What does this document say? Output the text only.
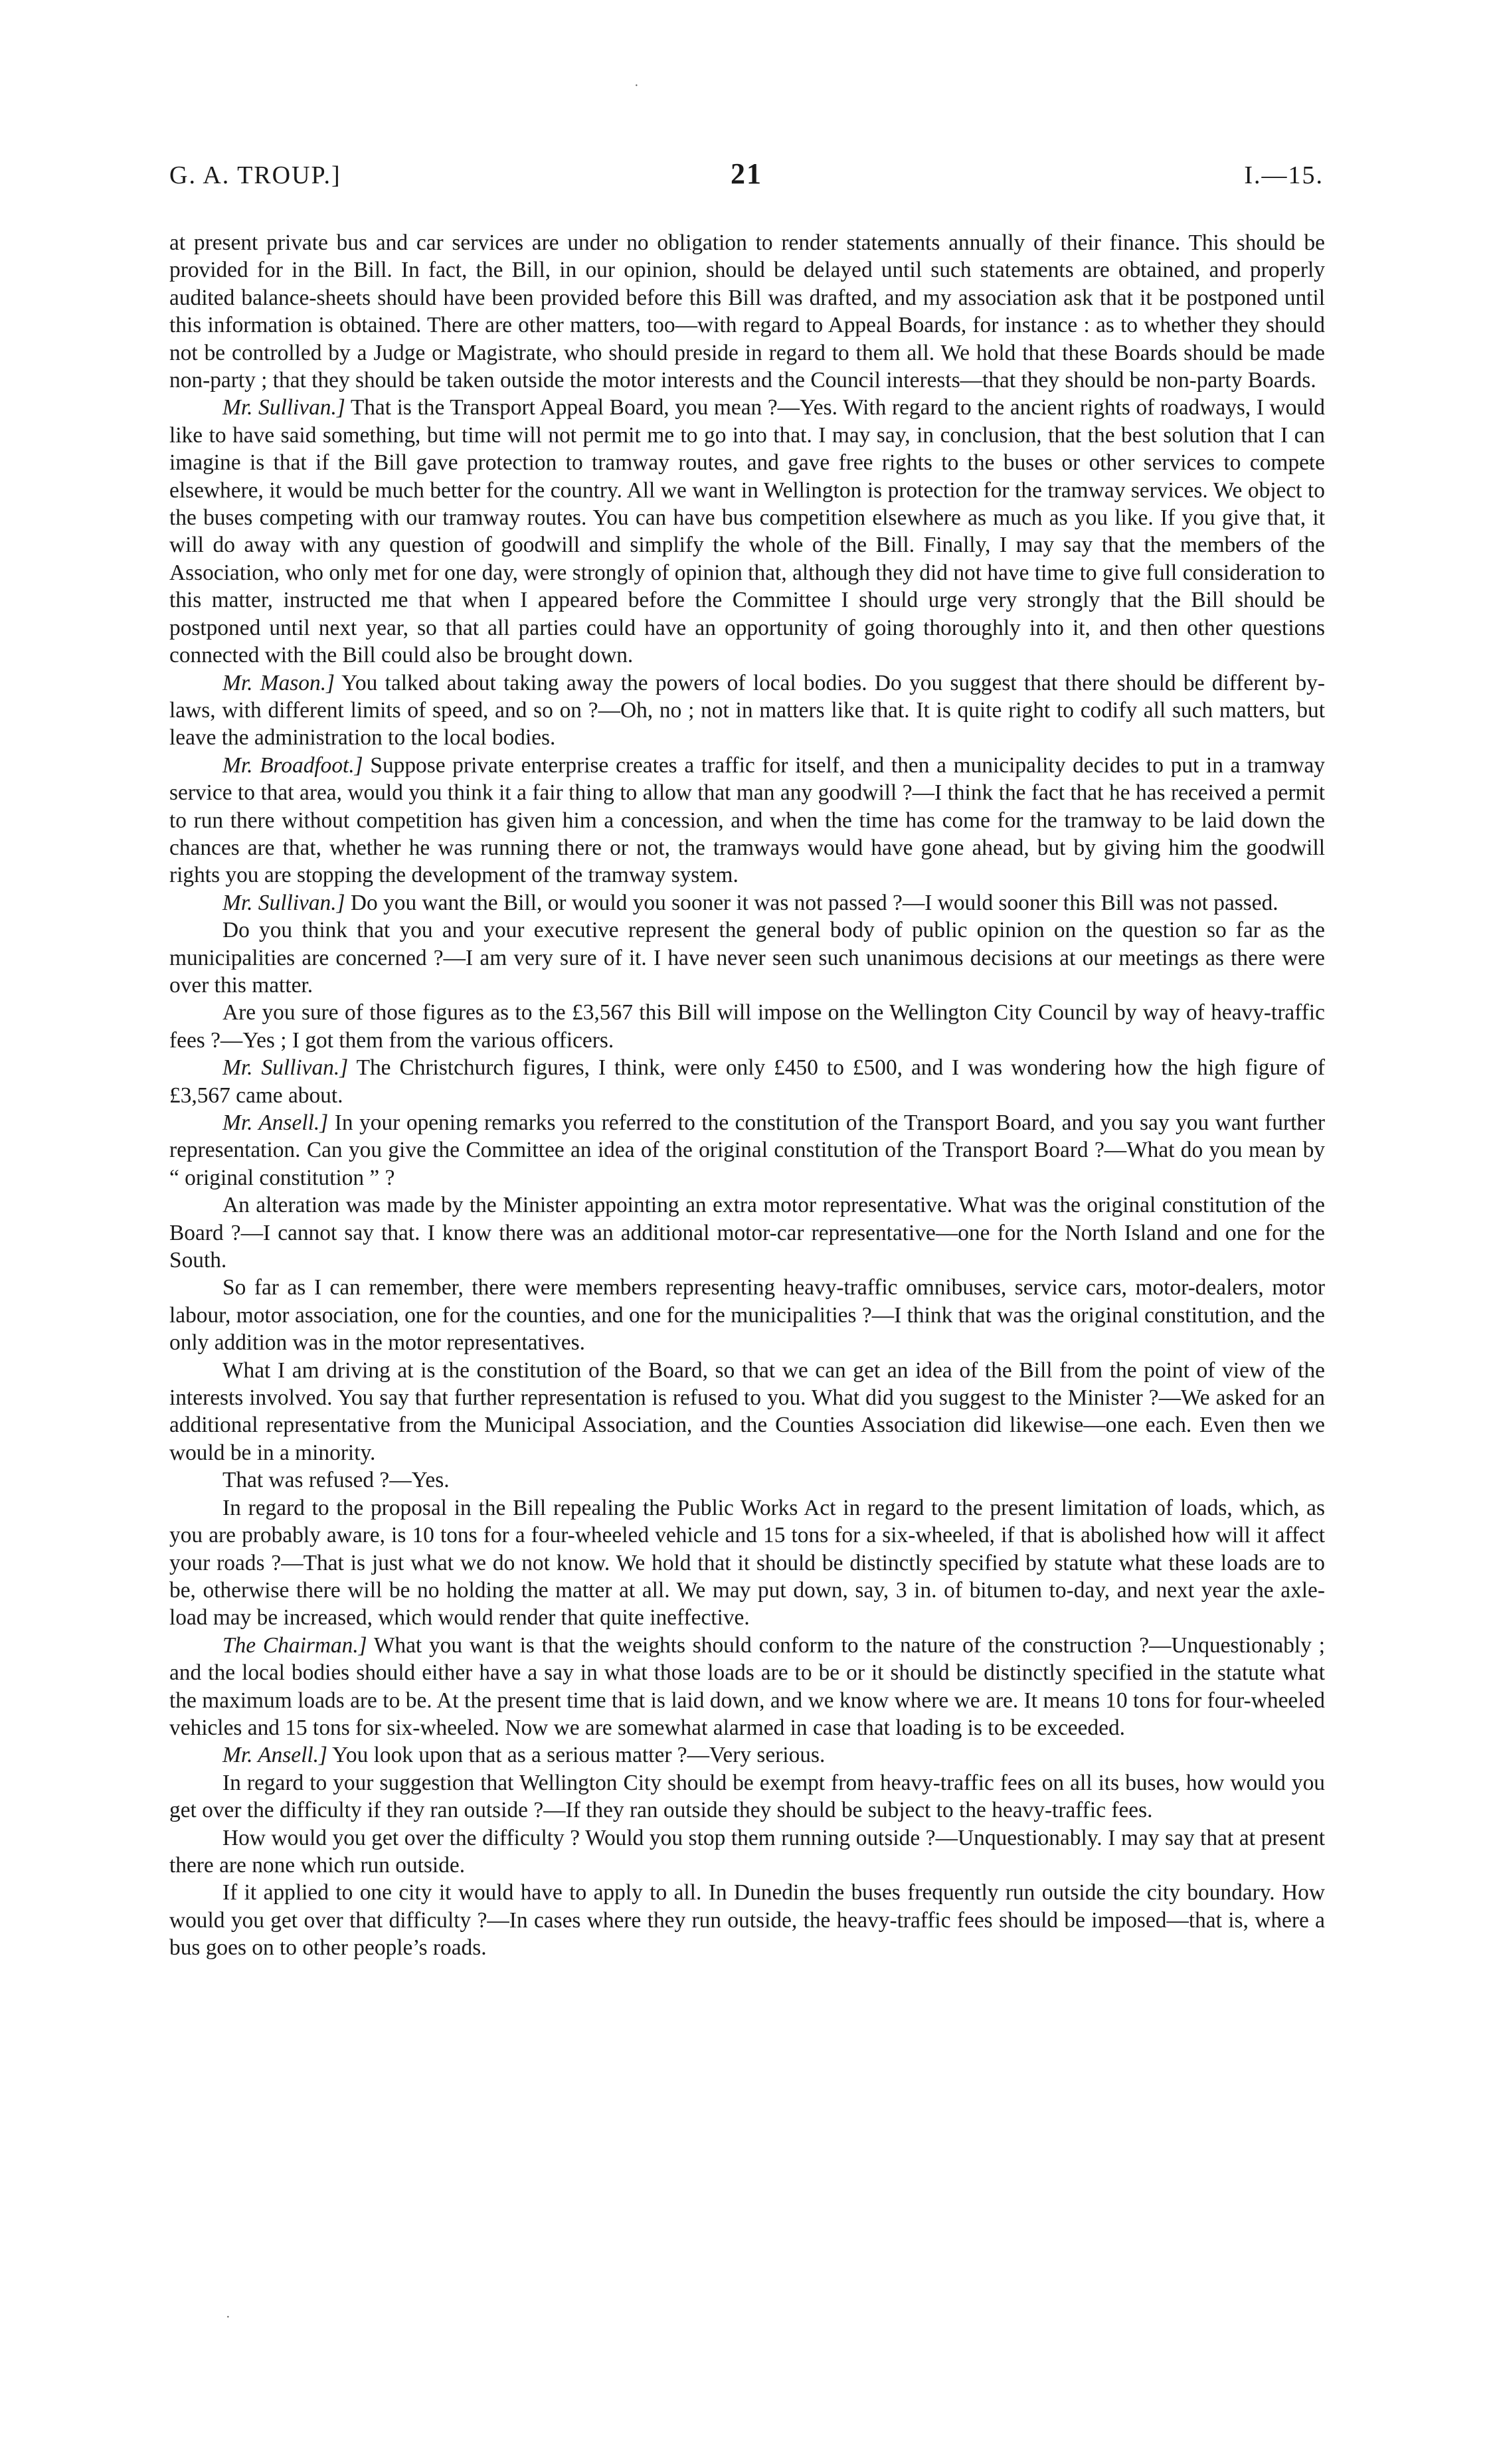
G. A. TROUP.]	21	I.—15.

at present private bus and car services are under no obligation to render statements annually of their finance. This should be provided for in the Bill. In fact, the Bill, in our opinion, should be delayed until such statements are obtained, and properly audited balance-sheets should have been provided before this Bill was drafted, and my association ask that it be postponed until this information is obtained. There are other matters, too—with regard to Appeal Boards, for instance : as to whether they should not be controlled by a Judge or Magistrate, who should preside in regard to them all. We hold that these Boards should be made non-party ; that they should be taken outside the motor interests and the Council interests—that they should be non-party Boards.

Mr. Sullivan.] That is the Transport Appeal Board, you mean ?—Yes. With regard to the ancient rights of roadways, I would like to have said something, but time will not permit me to go into that. I may say, in conclusion, that the best solution that I can imagine is that if the Bill gave protection to tramway routes, and gave free rights to the buses or other services to compete elsewhere, it would be much better for the country. All we want in Wellington is protection for the tramway services. We object to the buses competing with our tramway routes. You can have bus competition elsewhere as much as you like. If you give that, it will do away with any question of goodwill and simplify the whole of the Bill. Finally, I may say that the members of the Association, who only met for one day, were strongly of opinion that, although they did not have time to give full consideration to this matter, instructed me that when I appeared before the Committee I should urge very strongly that the Bill should be postponed until next year, so that all parties could have an opportunity of going thoroughly into it, and then other questions connected with the Bill could also be brought down.

Mr. Mason.] You talked about taking away the powers of local bodies. Do you suggest that there should be different by-laws, with different limits of speed, and so on ?—Oh, no ; not in matters like that. It is quite right to codify all such matters, but leave the administration to the local bodies.

Mr. Broadfoot.] Suppose private enterprise creates a traffic for itself, and then a municipality decides to put in a tramway service to that area, would you think it a fair thing to allow that man any goodwill ?—I think the fact that he has received a permit to run there without competition has given him a concession, and when the time has come for the tramway to be laid down the chances are that, whether he was running there or not, the tramways would have gone ahead, but by giving him the goodwill rights you are stopping the development of the tramway system.

Mr. Sullivan.] Do you want the Bill, or would you sooner it was not passed ?—I would sooner this Bill was not passed.

Do you think that you and your executive represent the general body of public opinion on the question so far as the municipalities are concerned ?—I am very sure of it. I have never seen such unanimous decisions at our meetings as there were over this matter.

Are you sure of those figures as to the £3,567 this Bill will impose on the Wellington City Council by way of heavy-traffic fees ?—Yes ; I got them from the various officers.

Mr. Sullivan.] The Christchurch figures, I think, were only £450 to £500, and I was wondering how the high figure of £3,567 came about.

Mr. Ansell.] In your opening remarks you referred to the constitution of the Transport Board, and you say you want further representation. Can you give the Committee an idea of the original constitution of the Transport Board ?—What do you mean by “ original constitution ” ?

An alteration was made by the Minister appointing an extra motor representative. What was the original constitution of the Board ?—I cannot say that. I know there was an additional motor-car representative—one for the North Island and one for the South.

So far as I can remember, there were members representing heavy-traffic omnibuses, service cars, motor-dealers, motor labour, motor association, one for the counties, and one for the municipalities ?—I think that was the original constitution, and the only addition was in the motor representatives.

What I am driving at is the constitution of the Board, so that we can get an idea of the Bill from the point of view of the interests involved. You say that further representation is refused to you. What did you suggest to the Minister ?—We asked for an additional representative from the Municipal Association, and the Counties Association did likewise—one each. Even then we would be in a minority.

That was refused ?—Yes.

In regard to the proposal in the Bill repealing the Public Works Act in regard to the present limitation of loads, which, as you are probably aware, is 10 tons for a four-wheeled vehicle and 15 tons for a six-wheeled, if that is abolished how will it affect your roads ?—That is just what we do not know. We hold that it should be distinctly specified by statute what these loads are to be, otherwise there will be no holding the matter at all. We may put down, say, 3 in. of bitumen to-day, and next year the axle-load may be increased, which would render that quite ineffective.

The Chairman.] What you want is that the weights should conform to the nature of the construction ?—Unquestionably ; and the local bodies should either have a say in what those loads are to be or it should be distinctly specified in the statute what the maximum loads are to be. At the present time that is laid down, and we know where we are. It means 10 tons for four-wheeled vehicles and 15 tons for six-wheeled. Now we are somewhat alarmed in case that loading is to be exceeded.

Mr. Ansell.] You look upon that as a serious matter ?—Very serious.

In regard to your suggestion that Wellington City should be exempt from heavy-traffic fees on all its buses, how would you get over the difficulty if they ran outside ?—If they ran outside they should be subject to the heavy-traffic fees.

How would you get over the difficulty ? Would you stop them running outside ?—Unquestionably. I may say that at present there are none which run outside.

If it applied to one city it would have to apply to all. In Dunedin the buses frequently run outside the city boundary. How would you get over that difficulty ?—In cases where they run outside, the heavy-traffic fees should be imposed—that is, where a bus goes on to other people’s roads.

·
·
